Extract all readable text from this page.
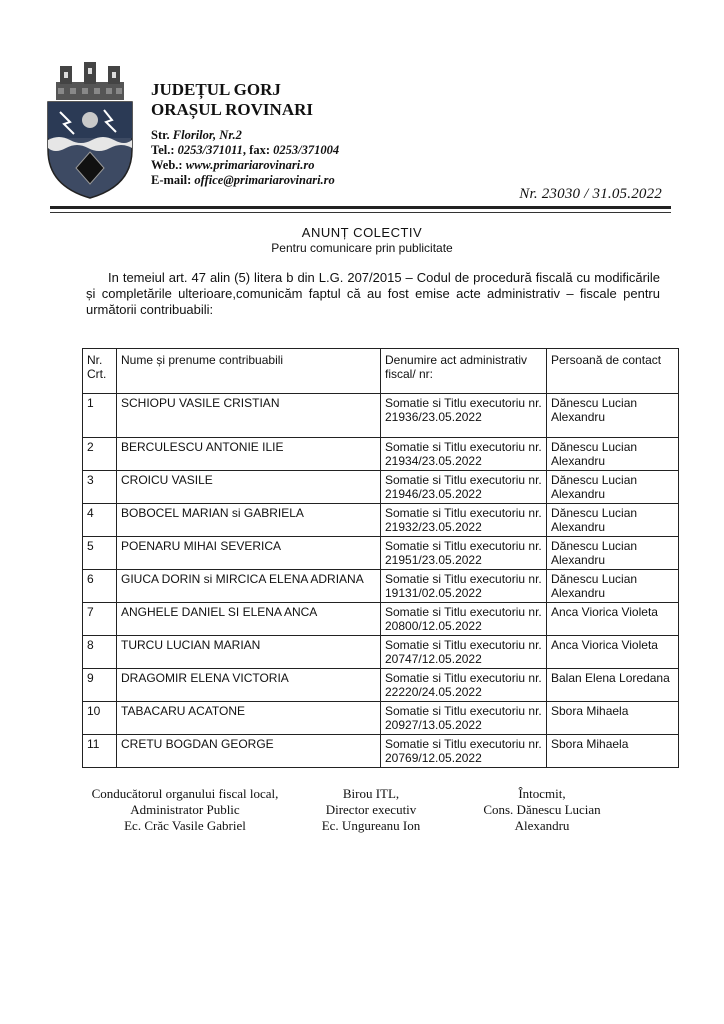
JUDEȚUL GORJ
ORAȘUL ROVINARI
Str. Florilor, Nr.2
Tel.: 0253/371011, fax: 0253/371004
Web.: www.primariarovinari.ro
E-mail: office@primariarovinari.ro
Nr. 23030 / 31.05.2022
ANUNȚ COLECTIV
Pentru comunicare prin publicitate
In temeiul art. 47 alin (5) litera b din L.G. 207/2015 – Codul de procedură fiscală cu modificările și completările ulterioare,comunicăm faptul că au fost emise acte administrativ – fiscale pentru următorii contribuabili:
Nr. Crt.	Nume și prenume contribuabili	Denumire act administrativ fiscal/ nr:	Persoană de contact
1	SCHIOPU VASILE CRISTIAN	Somatie si Titlu executoriu nr. 21936/23.05.2022	Dănescu Lucian Alexandru
2	BERCULESCU ANTONIE ILIE	Somatie si Titlu executoriu nr. 21934/23.05.2022	Dănescu Lucian Alexandru
3	CROICU VASILE	Somatie si Titlu executoriu nr. 21946/23.05.2022	Dănescu Lucian Alexandru
4	BOBOCEL MARIAN si GABRIELA	Somatie si Titlu executoriu nr. 21932/23.05.2022	Dănescu Lucian Alexandru
5	POENARU MIHAI SEVERICA	Somatie si Titlu executoriu nr. 21951/23.05.2022	Dănescu Lucian Alexandru
6	GIUCA DORIN si MIRCICA ELENA ADRIANA	Somatie si Titlu executoriu nr. 19131/02.05.2022	Dănescu Lucian Alexandru
7	ANGHELE DANIEL SI ELENA ANCA	Somatie si Titlu executoriu nr. 20800/12.05.2022	Anca Viorica Violeta
8	TURCU LUCIAN MARIAN	Somatie si Titlu executoriu nr. 20747/12.05.2022	Anca Viorica Violeta
9	DRAGOMIR ELENA VICTORIA	Somatie si Titlu executoriu nr. 22220/24.05.2022	Balan Elena Loredana
10	TABACARU ACATONE	Somatie si Titlu executoriu nr. 20927/13.05.2022	Sbora Mihaela
11	CRETU BOGDAN GEORGE	Somatie si Titlu executoriu nr. 20769/12.05.2022	Sbora Mihaela
Conducătorul organului fiscal local,
Administrator Public
Ec. Crăc Vasile Gabriel
Birou ITL,
Director executiv
Ec. Ungureanu Ion
Întocmit,
Cons. Dănescu Lucian
Alexandru
